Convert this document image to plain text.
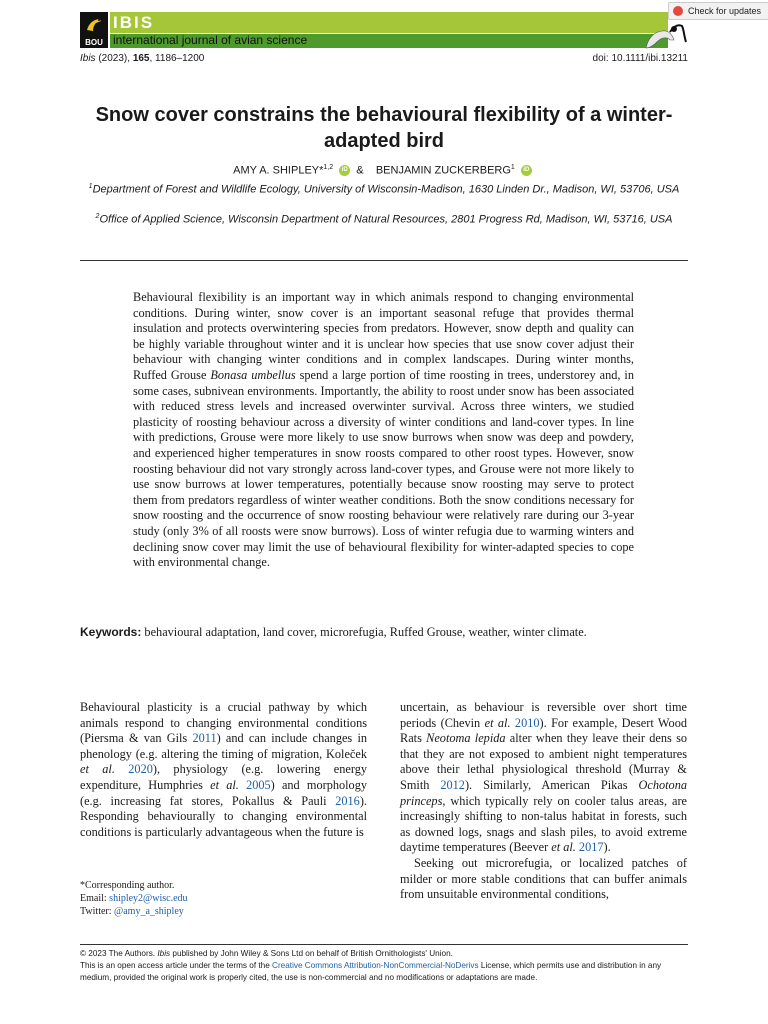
BOU
IBIS
international journal of avian science
Check for updates
Ibis (2023), 165, 1186–1200	doi: 10.1111/ibi.13211
Snow cover constrains the behavioural flexibility of a winter-adapted bird
AMY A. SHIPLEY*$^{1,2}$ iD & BENJAMIN ZUCKERBERG$^1$ iD
$^1$Department of Forest and Wildlife Ecology, University of Wisconsin-Madison, 1630 Linden Dr., Madison, WI, 53706, USA
$^2$Office of Applied Science, Wisconsin Department of Natural Resources, 2801 Progress Rd, Madison, WI, 53716, USA
Behavioural flexibility is an important way in which animals respond to changing environmental conditions. During winter, snow cover is an important seasonal refuge that provides thermal insulation and protects overwintering species from predators. However, snow depth and quality can be highly variable throughout winter and it is unclear how species that use snow cover adjust their behaviour with changing winter conditions and in complex landscapes. During winter months, Ruffed Grouse Bonasa umbellus spend a large portion of time roosting in trees, understorey and, in some cases, subnivean environments. Importantly, the ability to roost under snow has been associated with reduced stress levels and increased overwinter survival. Across three winters, we studied plasticity of roosting behaviour across a diversity of winter conditions and land-cover types. In line with predictions, Grouse were more likely to use snow burrows when snow was deep and powdery, and experienced higher temperatures in snow roosts compared to other roost types. However, snow roosting behaviour did not vary strongly across land-cover types, and Grouse were not more likely to use snow burrows at lower temperatures, potentially because snow roosting may serve to protect them from predators regardless of winter weather conditions. Both the snow conditions necessary for snow roosting and the occurrence of snow roosting behaviour were relatively rare during our 3-year study (only 3% of all roosts were snow burrows). Loss of winter refugia due to warming winters and declining snow cover may limit the use of behavioural flexibility for winter-adapted species to cope with environmental change.
Keywords: behavioural adaptation, land cover, microrefugia, Ruffed Grouse, weather, winter climate.

Behavioural plasticity is a crucial pathway by which animals respond to changing environmental conditions (Piersma & van Gils 2011) and can include changes in phenology (e.g. altering the timing of migration, Koleček et al. 2020), physiology (e.g. lowering energy expenditure, Humphries et al. 2005) and morphology (e.g. increasing fat stores, Pokallus & Pauli 2016). Responding behaviourally to changing environmental conditions is particularly advantageous when the future is

uncertain, as behaviour is reversible over short time periods (Chevin et al. 2010). For example, Desert Wood Rats Neotoma lepida alter when they leave their dens so that they are not exposed to ambient night temperatures above their lethal physiological threshold (Murray & Smith 2012). Similarly, American Pikas Ochotona princeps, which typically rely on cooler talus areas, are increasingly shifting to non-talus habitat in forests, such as downed logs, snags and slash piles, to avoid extreme daytime temperatures (Beever et al. 2017).

Seeking out microrefugia, or localized patches of milder or more stable conditions that can buffer animals from unsuitable environmental conditions,

*Corresponding author.
Email: shipley2@wisc.edu
Twitter: @amy_a_shipley
© 2023 The Authors. Ibis published by John Wiley & Sons Ltd on behalf of British Ornithologists' Union.
This is an open access article under the terms of the Creative Commons Attribution-NonCommercial-NoDerivs License, which permits use and distribution in any medium, provided the original work is properly cited, the use is non-commercial and no modifications or adaptations are made.
